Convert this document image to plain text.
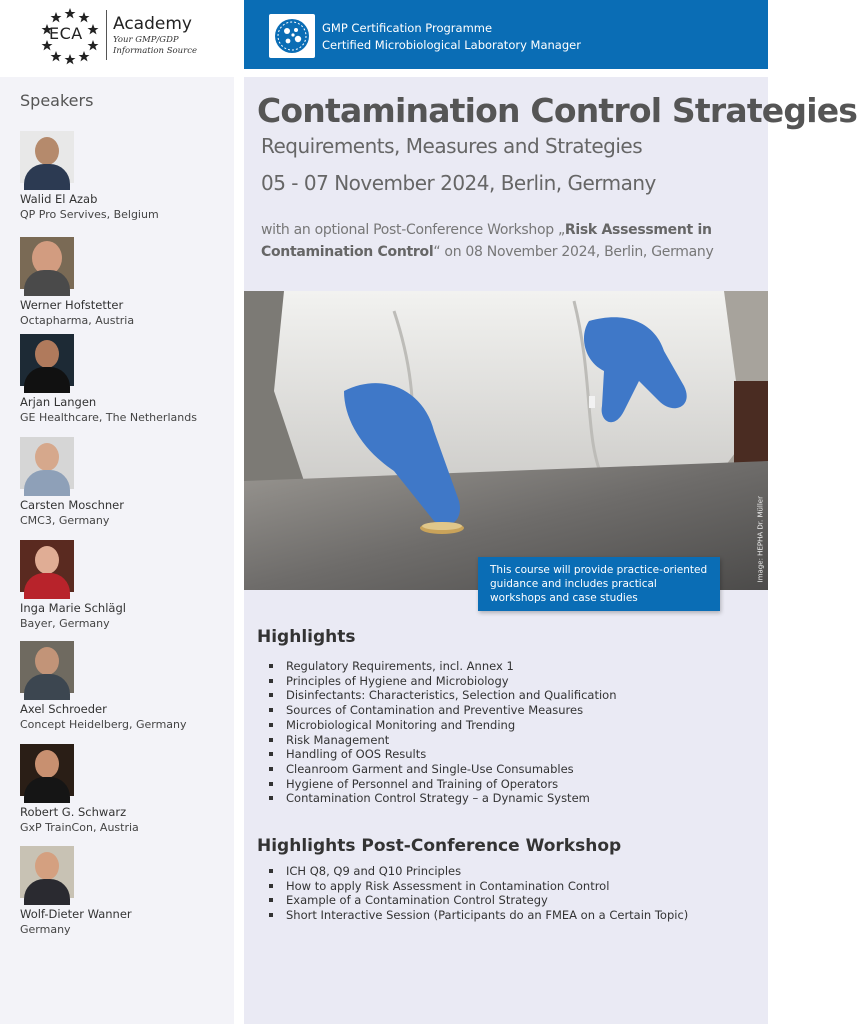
ECA Academy
Your GMP/GDP
Information Source
GMP Certification Programme
Certified Microbiological Laboratory Manager
Speakers
Walid El Azab
QP Pro Servives, Belgium
Werner Hofstetter
Octapharma, Austria
Arjan Langen
GE Healthcare, The Netherlands
Carsten Moschner
CMC3, Germany
Inga Marie Schlägl
Bayer, Germany
Axel Schroeder
Concept Heidelberg, Germany
Robert G. Schwarz
GxP TrainCon, Austria
Wolf-Dieter Wanner
Germany
Contamination Control Strategies
Requirements, Measures and Strategies
05 - 07 November 2024, Berlin, Germany
with an optional Post-Conference Workshop „Risk Assessment in
Contamination Control“ on 08 November 2024, Berlin, Germany
Image: HEPHA Dr. Müller
This course will provide practice-oriented guidance and includes practical workshops and case studies
Highlights
Regulatory Requirements, incl. Annex 1
Principles of Hygiene and Microbiology
Disinfectants: Characteristics, Selection and Qualification
Sources of Contamination and Preventive Measures
Microbiological Monitoring and Trending
Risk Management
Handling of OOS Results
Cleanroom Garment and Single-Use Consumables
Hygiene of Personnel and Training of Operators
Contamination Control Strategy – a Dynamic System
Highlights Post-Conference Workshop
ICH Q8, Q9 and Q10 Principles
How to apply Risk Assessment in Contamination Control
Example of a Contamination Control Strategy
Short Interactive Session (Participants do an FMEA on a Certain Topic)
